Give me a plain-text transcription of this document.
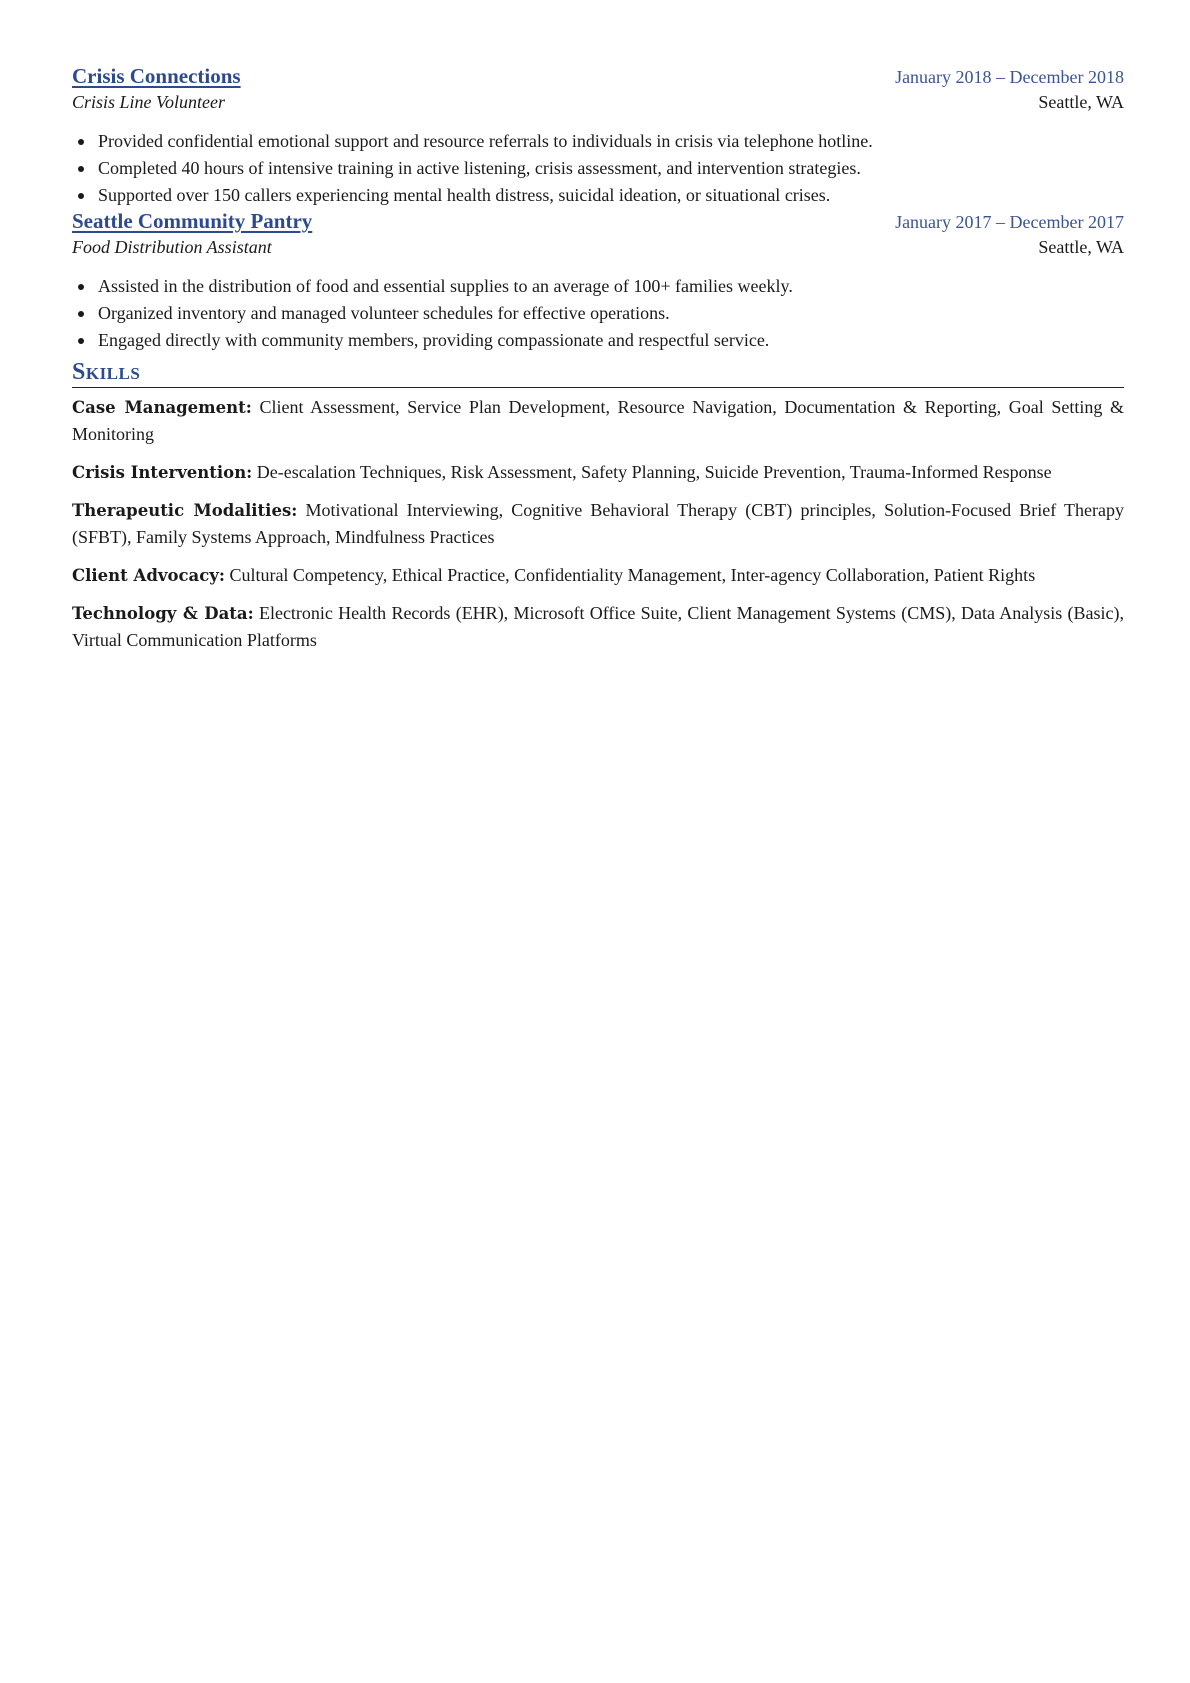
Crisis Connections	January 2018 – December 2018
Crisis Line Volunteer	Seattle, WA
Provided confidential emotional support and resource referrals to individuals in crisis via telephone hotline.
Completed 40 hours of intensive training in active listening, crisis assessment, and intervention strategies.
Supported over 150 callers experiencing mental health distress, suicidal ideation, or situational crises.
Seattle Community Pantry	January 2017 – December 2017
Food Distribution Assistant	Seattle, WA
Assisted in the distribution of food and essential supplies to an average of 100+ families weekly.
Organized inventory and managed volunteer schedules for effective operations.
Engaged directly with community members, providing compassionate and respectful service.
Skills
Case Management: Client Assessment, Service Plan Development, Resource Navigation, Documentation & Reporting, Goal Setting & Monitoring
Crisis Intervention: De-escalation Techniques, Risk Assessment, Safety Planning, Suicide Prevention, Trauma-Informed Response
Therapeutic Modalities: Motivational Interviewing, Cognitive Behavioral Therapy (CBT) principles, Solution-Focused Brief Therapy (SFBT), Family Systems Approach, Mindfulness Practices
Client Advocacy: Cultural Competency, Ethical Practice, Confidentiality Management, Inter-agency Collaboration, Patient Rights
Technology & Data: Electronic Health Records (EHR), Microsoft Office Suite, Client Management Systems (CMS), Data Analysis (Basic), Virtual Communication Platforms
